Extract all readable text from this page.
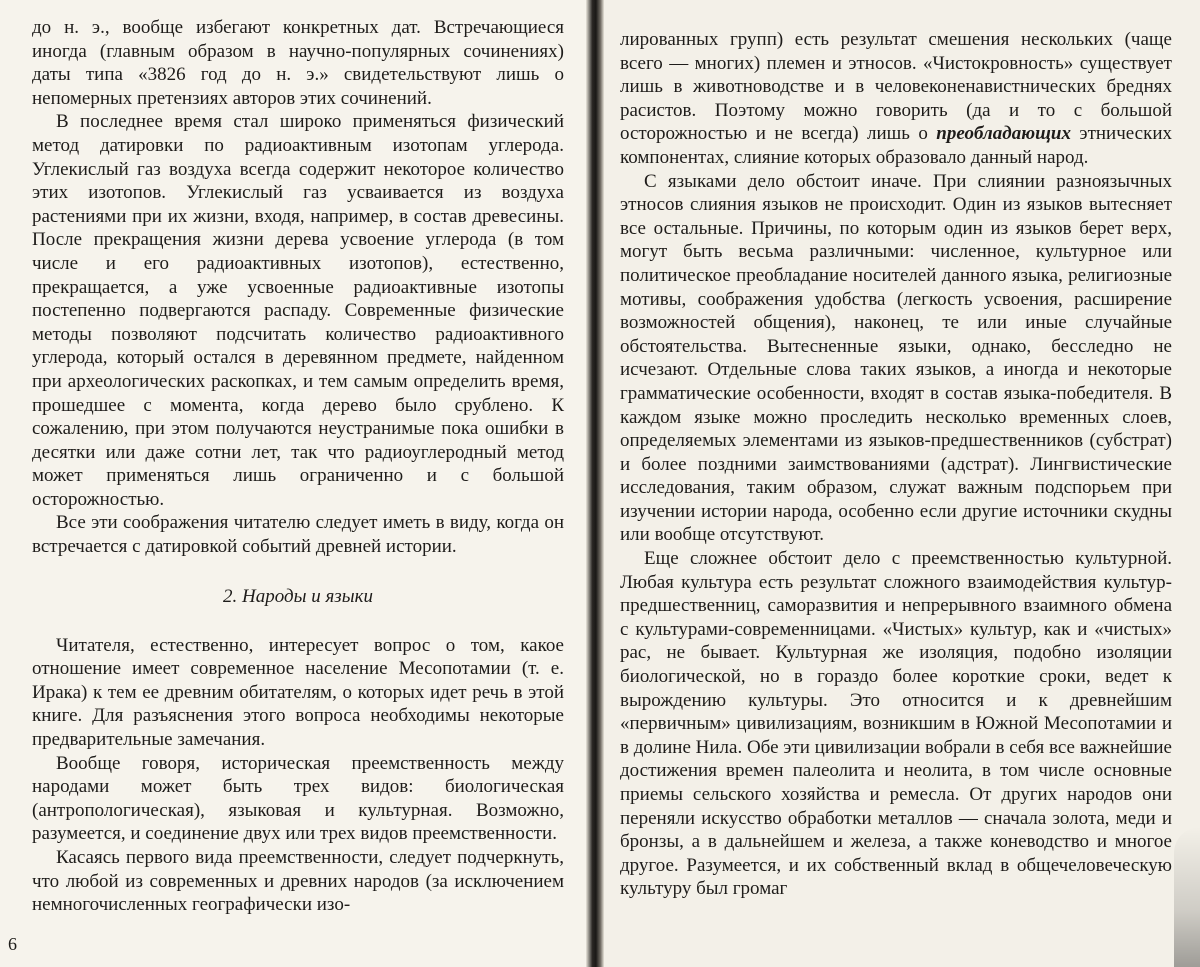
до н. э., вообще избегают конкретных дат. Встречающиеся иногда (главным образом в научно-популярных сочинениях) даты типа «3826 год до н. э.» свидетельствуют лишь о непомерных претензиях авторов этих сочинений.

В последнее время стал широко применяться физический метод датировки по радиоактивным изотопам углерода. Углекислый газ воздуха всегда содержит некоторое количество этих изотопов. Углекислый газ усваивается из воздуха растениями при их жизни, входя, например, в состав древесины. После прекращения жизни дерева усвоение углерода (в том числе и его радиоактивных изотопов), естественно, прекращается, а уже усвоенные радиоактивные изотопы постепенно подвергаются распаду. Современные физические методы позволяют подсчитать количество радиоактивного углерода, который остался в деревянном предмете, найденном при археологических раскопках, и тем самым определить время, прошедшее с момента, когда дерево было срублено. К сожалению, при этом получаются неустранимые пока ошибки в десятки или даже сотни лет, так что радиоуглеродный метод может применяться лишь ограниченно и с большой осторожностью.

Все эти соображения читателю следует иметь в виду, когда он встречается с датировкой событий древней истории.

2. Народы и языки

Читателя, естественно, интересует вопрос о том, какое отношение имеет современное население Месопотамии (т. е. Ирака) к тем ее древним обитателям, о которых идет речь в этой книге. Для разъяснения этого вопроса необходимы некоторые предварительные замечания.

Вообще говоря, историческая преемственность между народами может быть трех видов: биологическая (антропологическая), языковая и культурная. Возможно, разумеется, и соединение двух или трех видов преемственности.

Касаясь первого вида преемственности, следует подчеркнуть, что любой из современных и древних народов (за исключением немногочисленных географически изо-

6

лированных групп) есть результат смешения нескольких (чаще всего — многих) племен и этносов. «Чистокровность» существует лишь в животноводстве и в человеконенавистнических бреднях расистов. Поэтому можно говорить (да и то с большой осторожностью и не всегда) лишь о преобладающих этнических компонентах, слияние которых образовало данный народ.

С языками дело обстоит иначе. При слиянии разноязычных этносов слияния языков не происходит. Один из языков вытесняет все остальные. Причины, по которым один из языков берет верх, могут быть весьма различными: численное, культурное или политическое преобладание носителей данного языка, религиозные мотивы, соображения удобства (легкость усвоения, расширение возможностей общения), наконец, те или иные случайные обстоятельства. Вытесненные языки, однако, бесследно не исчезают. Отдельные слова таких языков, а иногда и некоторые грамматические особенности, входят в состав языка-победителя. В каждом языке можно проследить несколько временных слоев, определяемых элементами из языков-предшественников (субстрат) и более поздними заимствованиями (адстрат). Лингвистические исследования, таким образом, служат важным подспорьем при изучении истории народа, особенно если другие источники скудны или вообще отсутствуют.

Еще сложнее обстоит дело с преемственностью культурной. Любая культура есть результат сложного взаимодействия культур-предшественниц, саморазвития и непрерывного взаимного обмена с культурами-современницами. «Чистых» культур, как и «чистых» рас, не бывает. Культурная же изоляция, подобно изоляции биологической, но в гораздо более короткие сроки, ведет к вырождению культуры. Это относится и к древнейшим «первичным» цивилизациям, возникшим в Южной Месопотамии и в долине Нила. Обе эти цивилизации вобрали в себя все важнейшие достижения времен палеолита и неолита, в том числе основные приемы сельского хозяйства и ремесла. От других народов они переняли искусство обработки металлов — сначала золота, меди и бронзы, а в дальнейшем и железа, а также коневодство и многое другое. Разумеется, и их собственный вклад в общечеловеческую культуру был громаг
